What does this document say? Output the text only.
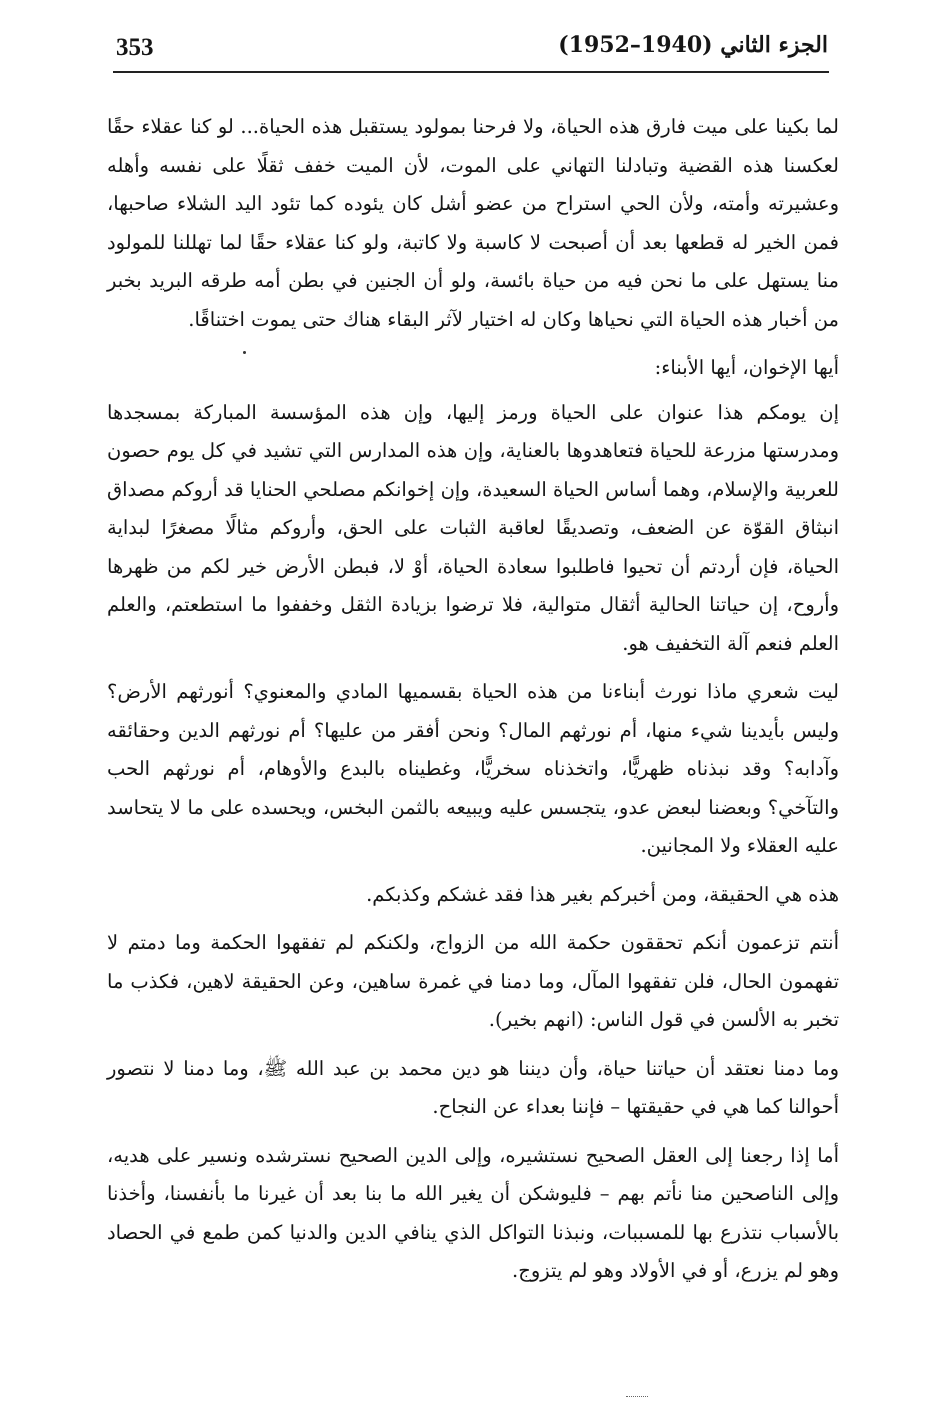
353	الجزء الثاني (1940–1952)

لما بكينا على ميت فارق هذه الحياة، ولا فرحنا بمولود يستقبل هذه الحياة... لو كنا عقلاء حقًا لعكسنا هذه القضية وتبادلنا التهاني على الموت، لأن الميت خفف ثقلًا على نفسه وأهله وعشيرته وأمته، ولأن الحي استراح من عضو أشل كان يئوده كما تئود اليد الشلاء صاحبها، فمن الخير له قطعها بعد أن أصبحت لا كاسبة ولا كاتبة، ولو كنا عقلاء حقًا لما تهللنا للمولود منا يستهل على ما نحن فيه من حياة بائسة، ولو أن الجنين في بطن أمه طرقه البريد بخبر من أخبار هذه الحياة التي نحياها وكان له اختيار لآثر البقاء هناك حتى يموت اختناقًا.

أيها الإخوان، أيها الأبناء:

إن يومكم هذا عنوان على الحياة ورمز إليها، وإن هذه المؤسسة المباركة بمسجدها ومدرستها مزرعة للحياة فتعاهدوها بالعناية، وإن هذه المدارس التي تشيد في كل يوم حصون للعربية والإسلام، وهما أساس الحياة السعيدة، وإن إخوانكم مصلحي الحنايا قد أروكم مصداق انبثاق القوّة عن الضعف، وتصديقًا لعاقبة الثبات على الحق، وأروكم مثالًا مصغرًا لبداية الحياة، فإن أردتم أن تحيوا فاطلبوا سعادة الحياة، أوْ لا، فبطن الأرض خير لكم من ظهرها وأروح، إن حياتنا الحالية أثقال متوالية، فلا ترضوا بزيادة الثقل وخففوا ما استطعتم، والعلم العلم فنعم آلة التخفيف هو.

ليت شعري ماذا نورث أبناءنا من هذه الحياة بقسميها المادي والمعنوي؟ أنورثهم الأرض؟ وليس بأيدينا شيء منها، أم نورثهم المال؟ ونحن أفقر من عليها؟ أم نورثهم الدين وحقائقه وآدابه؟ وقد نبذناه ظهريًّا، واتخذناه سخريًّا، وغطيناه بالبدع والأوهام، أم نورثهم الحب والتآخي؟ وبعضنا لبعض عدو، يتجسس عليه ويبيعه بالثمن البخس، ويحسده على ما لا يتحاسد عليه العقلاء ولا المجانين.

هذه هي الحقيقة، ومن أخبركم بغير هذا فقد غشكم وكذبكم.

أنتم تزعمون أنكم تحققون حكمة الله من الزواج، ولكنكم لم تفقهوا الحكمة وما دمتم لا تفهمون الحال، فلن تفقهوا المآل، وما دمنا في غمرة ساهين، وعن الحقيقة لاهين، فكذب ما تخبر به الألسن في قول الناس: (انهم بخير).

وما دمنا نعتقد أن حياتنا حياة، وأن ديننا هو دين محمد بن عبد الله ﷺ، وما دمنا لا نتصور أحوالنا كما هي في حقيقتها – فإننا بعداء عن النجاح.

أما إذا رجعنا إلى العقل الصحيح نستشيره، وإلى الدين الصحيح نسترشده ونسير على هديه، وإلى الناصحين منا نأتم بهم – فليوشكن أن يغير الله ما بنا بعد أن غيرنا ما بأنفسنا، وأخذنا بالأسباب نتذرع بها للمسببات، ونبذنا التواكل الذي ينافي الدين والدنيا كمن طمع في الحصاد وهو لم يزرع، أو في الأولاد وهو لم يتزوج.
